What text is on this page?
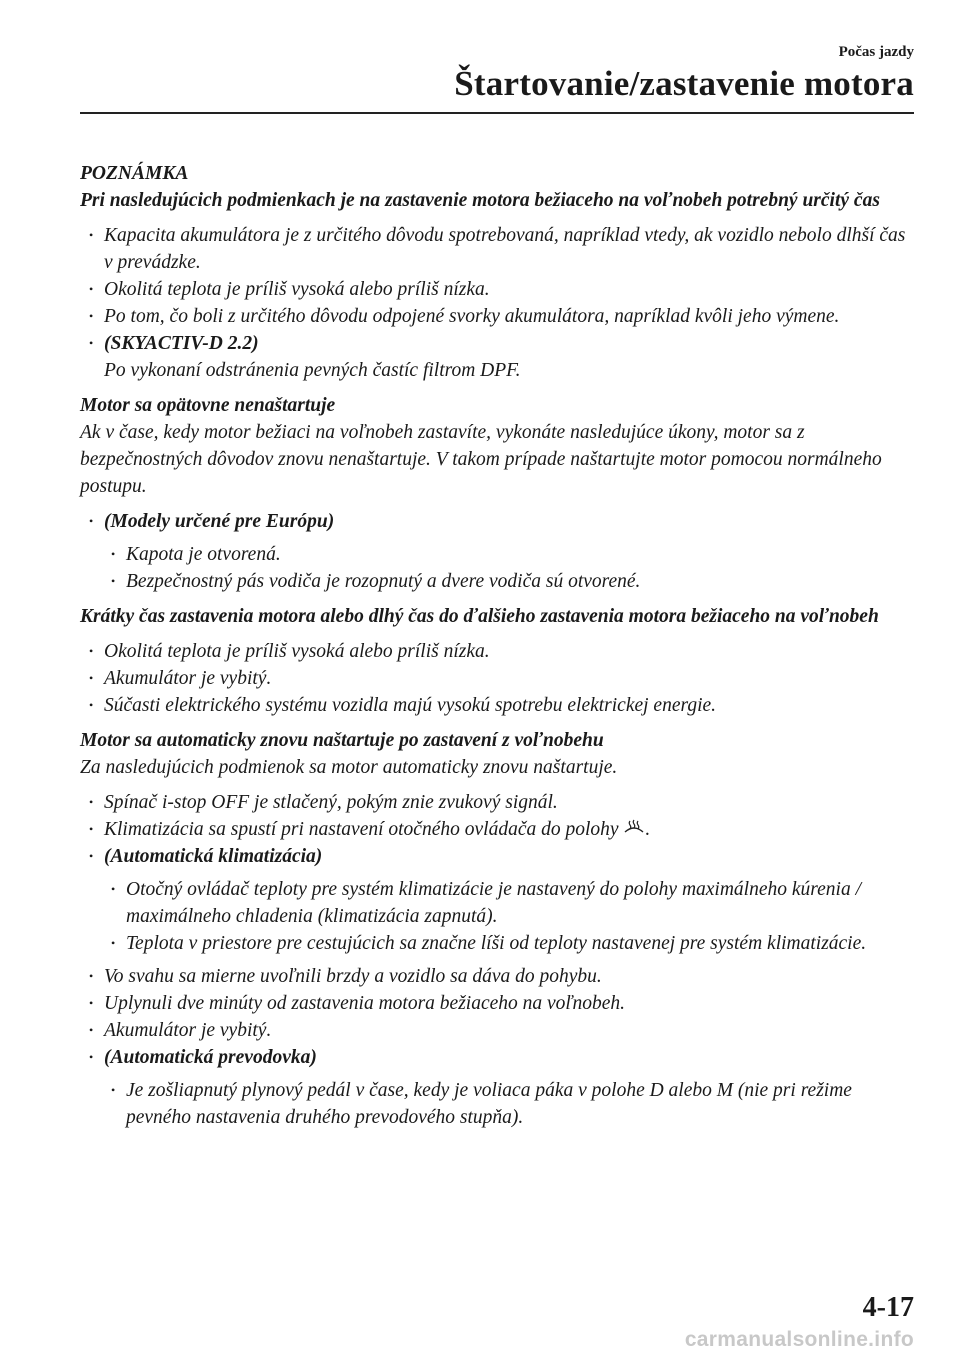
Počas jazdy
Štartovanie/zastavenie motora

POZNÁMKA

Pri nasledujúcich podmienkach je na zastavenie motora bežiaceho na voľnobeh potrebný určitý čas

• Kapacita akumulátora je z určitého dôvodu spotrebovaná, napríklad vtedy, ak vozidlo nebolo dlhší čas v prevádzke.
• Okolitá teplota je príliš vysoká alebo príliš nízka.
• Po tom, čo boli z určitého dôvodu odpojené svorky akumulátora, napríklad kvôli jeho výmene.
• (SKYACTIV-D 2.2)
Po vykonaní odstránenia pevných častíc filtrom DPF.

Motor sa opätovne nenaštartuje

Ak v čase, kedy motor bežiaci na voľnobeh zastavíte, vykonáte nasledujúce úkony, motor sa z bezpečnostných dôvodov znovu nenaštartuje. V takom prípade naštartujte motor pomocou normálneho postupu.

• (Modely určené pre Európu)
• Kapota je otvorená.
• Bezpečnostný pás vodiča je rozopnutý a dvere vodiča sú otvorené.

Krátky čas zastavenia motora alebo dlhý čas do ďalšieho zastavenia motora bežiaceho na voľnobeh

• Okolitá teplota je príliš vysoká alebo príliš nízka.
• Akumulátor je vybitý.
• Súčasti elektrického systému vozidla majú vysokú spotrebu elektrickej energie.

Motor sa automaticky znovu naštartuje po zastavení z voľnobehu

Za nasledujúcich podmienok sa motor automaticky znovu naštartuje.

• Spínač i-stop OFF je stlačený, pokým znie zvukový signál.
• Klimatizácia sa spustí pri nastavení otočného ovládača do polohy .
• (Automatická klimatizácia)
• Otočný ovládač teploty pre systém klimatizácie je nastavený do polohy maximálneho kúrenia / maximálneho chladenia (klimatizácia zapnutá).
• Teplota v priestore pre cestujúcich sa značne líši od teploty nastavenej pre systém klimatizácie.
• Vo svahu sa mierne uvoľnili brzdy a vozidlo sa dáva do pohybu.
• Uplynuli dve minúty od zastavenia motora bežiaceho na voľnobeh.
• Akumulátor je vybitý.
• (Automatická prevodovka)
• Je zošliapnutý plynový pedál v čase, kedy je voliaca páka v polohe D alebo M (nie pri režime pevného nastavenia druhého prevodového stupňa).
4-17
carmanualsonline.info
